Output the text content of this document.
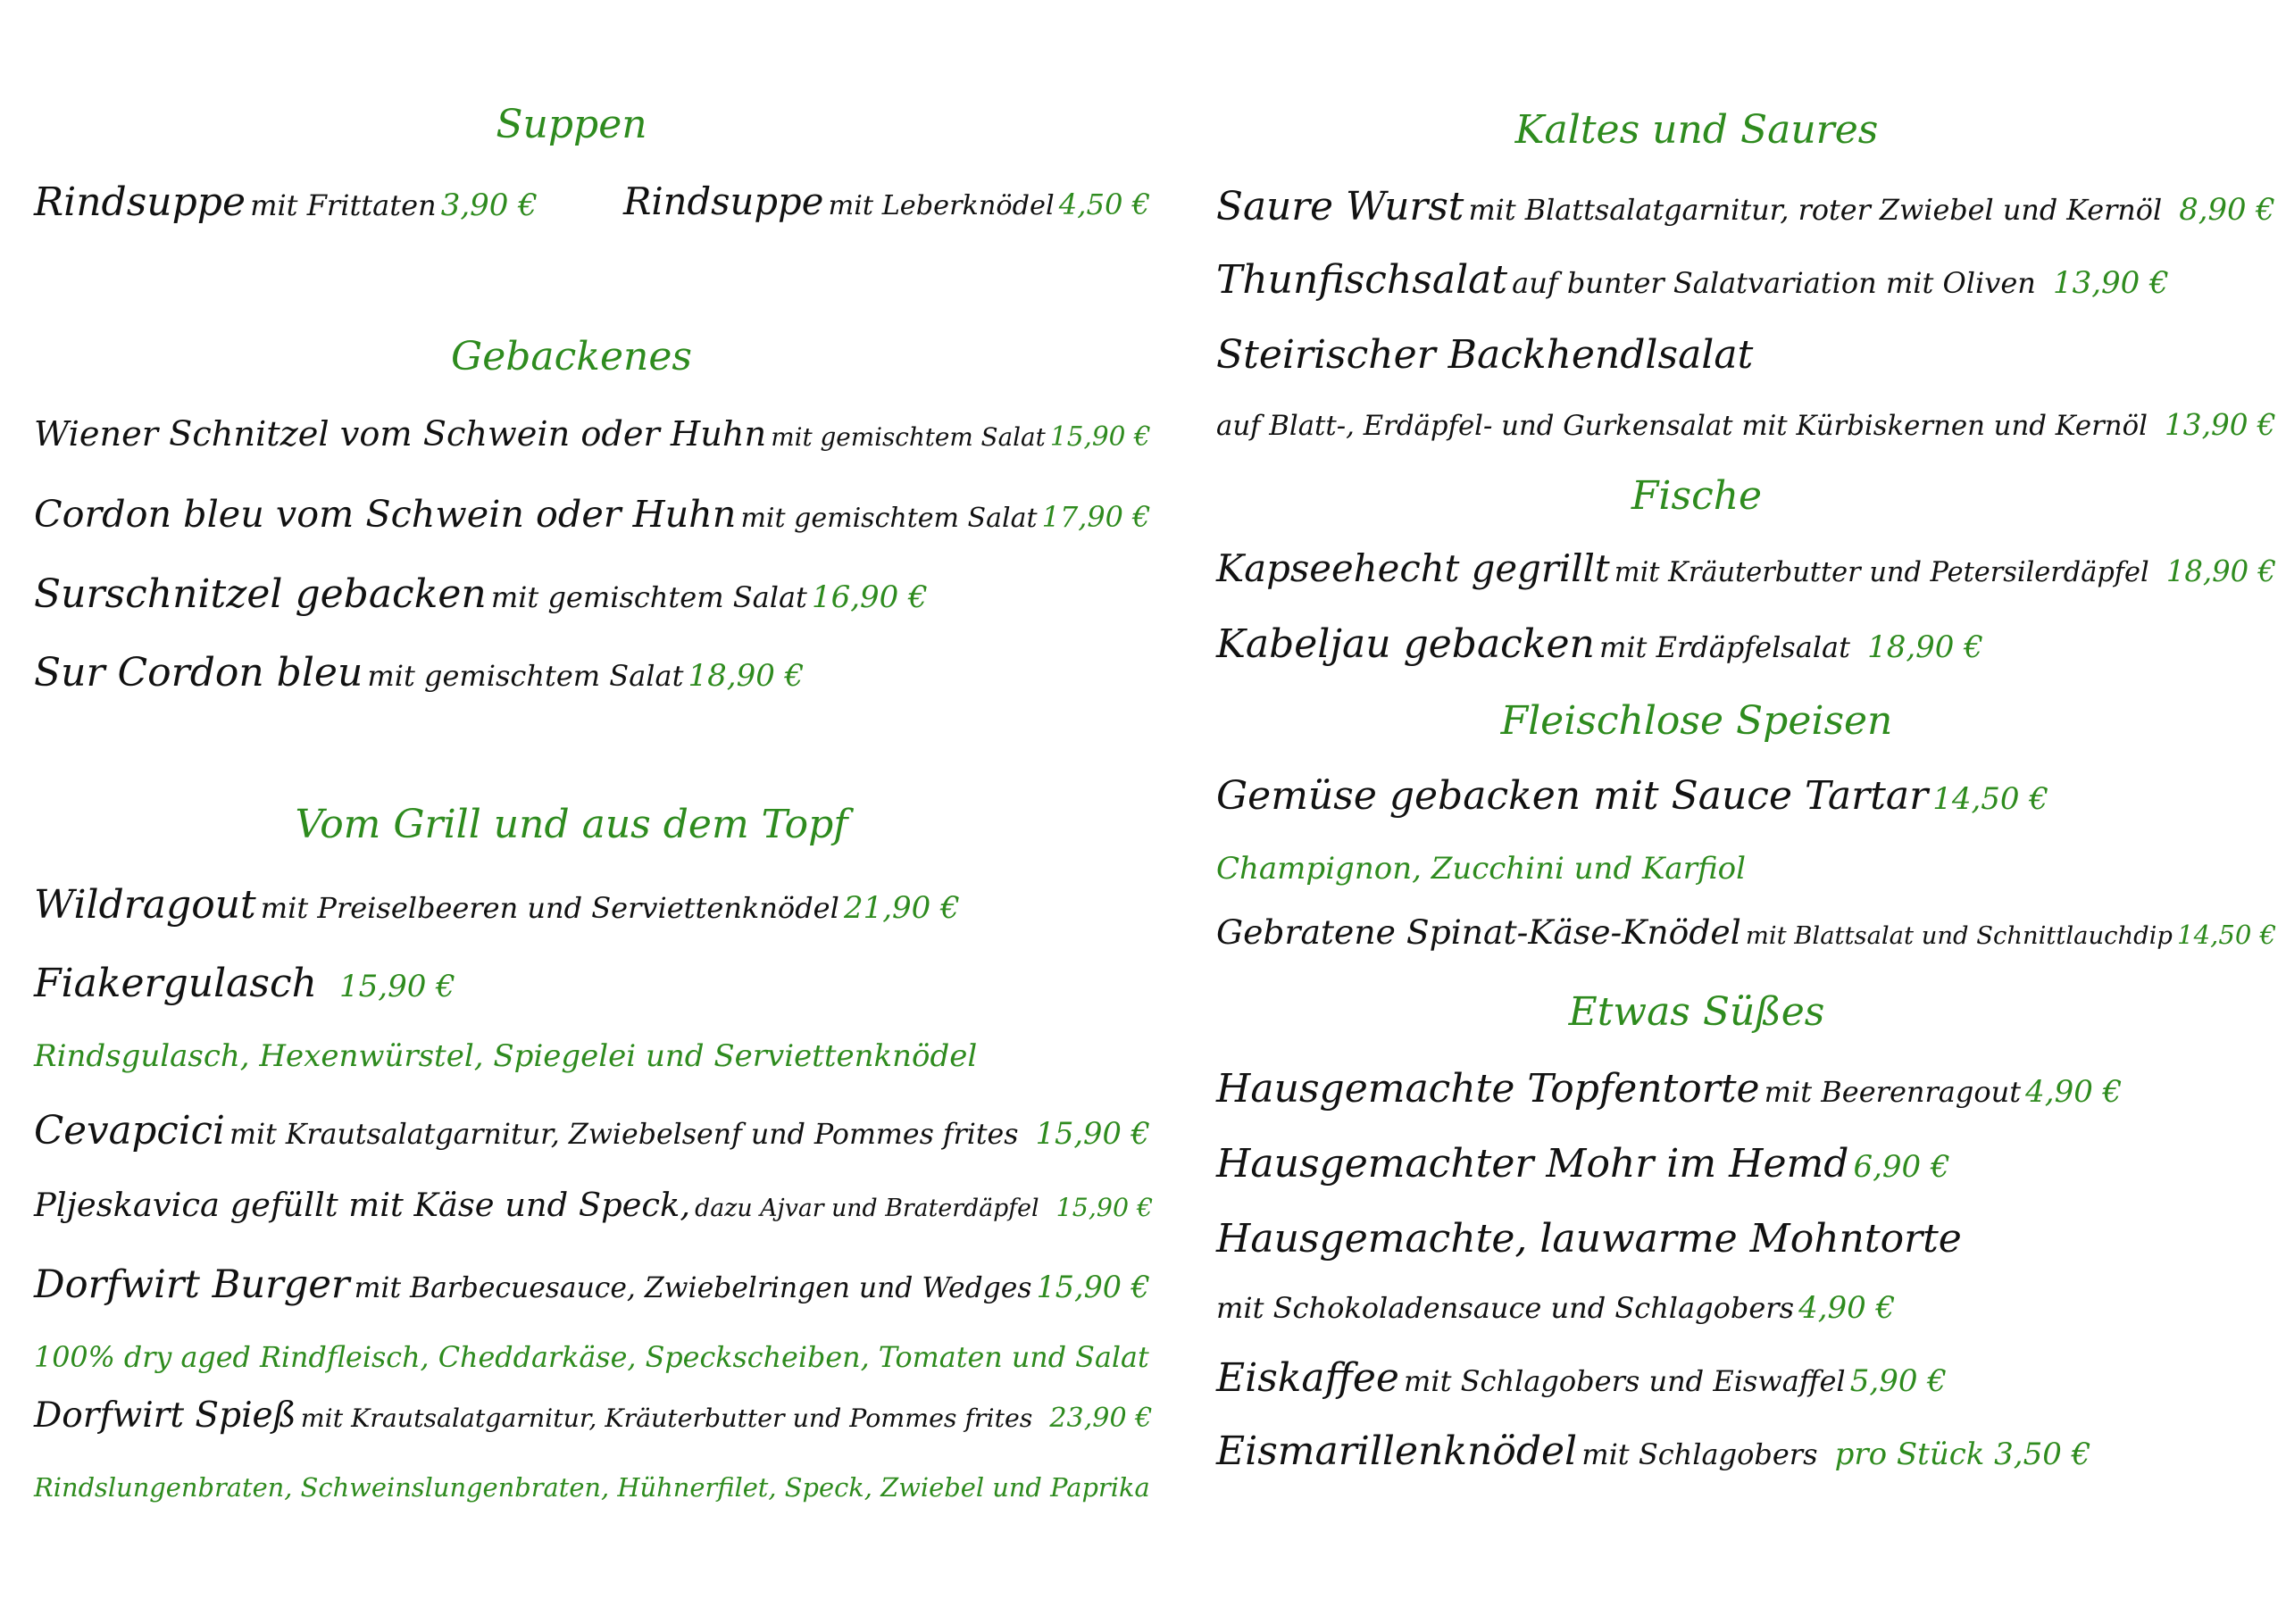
Suppen
Rindsuppe mit Frittaten 3,90 € Rindsuppe mit Leberknödel 4,50 €
Gebackenes
Wiener Schnitzel vom Schwein oder Huhn mit gemischtem Salat 15,90 €
Cordon bleu vom Schwein oder Huhn mit gemischtem Salat 17,90 €
Surschnitzel gebacken mit gemischtem Salat 16,90 €
Sur Cordon bleu mit gemischtem Salat 18,90 €
Vom Grill und aus dem Topf
Wildragout mit Preiselbeeren und Serviettenknödel 21,90 €
Fiakergulasch 15,90 €
Rindsgulasch, Hexenwürstel, Spiegelei und Serviettenknödel
Cevapcici mit Krautsalatgarnitur, Zwiebelsenf und Pommes frites 15,90 €
Pljeskavica gefüllt mit Käse und Speck, dazu Ajvar und Braterdäpfel 15,90 €
Dorfwirt Burger mit Barbecuesauce, Zwiebelringen und Wedges 15,90 €
100% dry aged Rindfleisch, Cheddarkäse, Speckscheiben, Tomaten und Salat
Dorfwirt Spieß mit Krautsalatgarnitur, Kräuterbutter und Pommes frites 23,90 €
Rindslungenbraten, Schweinslungenbraten, Hühnerfilet, Speck, Zwiebel und Paprika
Kaltes und Saures
Saure Wurst mit Blattsalatgarnitur, roter Zwiebel und Kernöl 8,90 €
Thunfischsalat auf bunter Salatvariation mit Oliven 13,90 €
Steirischer Backhendlsalat
auf Blatt-, Erdäpfel- und Gurkensalat mit Kürbiskernen und Kernöl 13,90 €
Fische
Kapseehecht gegrillt mit Kräuterbutter und Petersilerdäpfel 18,90 €
Kabeljau gebacken mit Erdäpfelsalat 18,90 €
Fleischlose Speisen
Gemüse gebacken mit Sauce Tartar 14,50 €
Champignon, Zucchini und Karfiol
Gebratene Spinat-Käse-Knödel mit Blattsalat und Schnittlauchdip 14,50 €
Etwas Süßes
Hausgemachte Topfentorte mit Beerenragout 4,90 €
Hausgemachter Mohr im Hemd 6,90 €
Hausgemachte, lauwarme Mohntorte
mit Schokoladensauce und Schlagobers 4,90 €
Eiskaffee mit Schlagobers und Eiswaffel 5,90 €
Eismarillenknödel mit Schlagobers pro Stück 3,50 €
